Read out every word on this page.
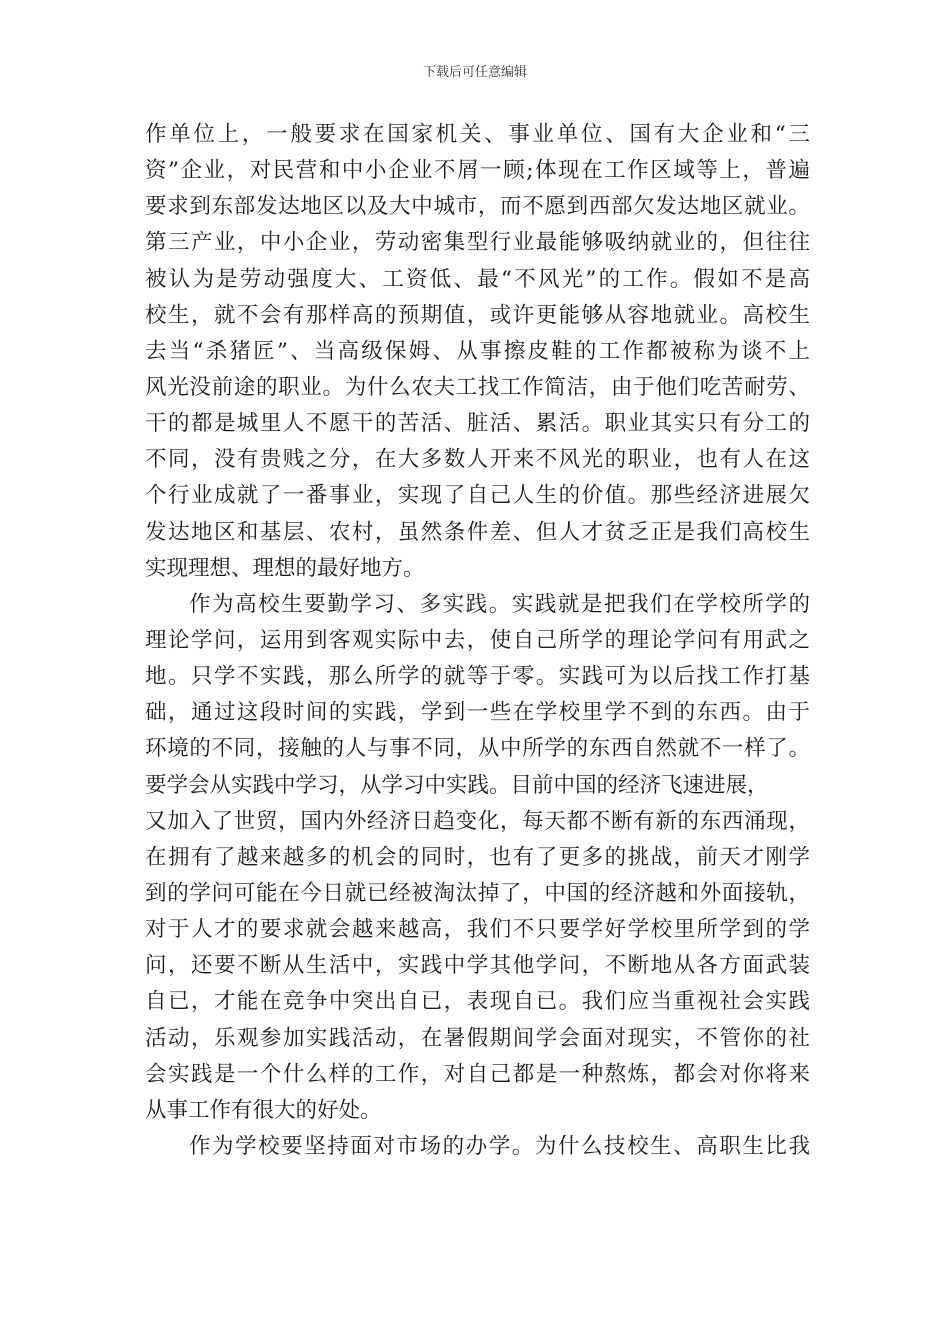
下载后可任意编辑
作单位上，一般要求在国家机关、事业单位、国有大企业和“三
资”企业，对民营和中小企业不屑一顾;体现在工作区域等上，普遍
要求到东部发达地区以及大中城市，而不愿到西部欠发达地区就业。
第三产业，中小企业，劳动密集型行业最能够吸纳就业的，但往往
被认为是劳动强度大、工资低、最“不风光”的工作。假如不是高
校生，就不会有那样高的预期值，或许更能够从容地就业。高校生
去当“杀猪匠”、当高级保姆、从事擦皮鞋的工作都被称为谈不上
风光没前途的职业。为什么农夫工找工作简洁，由于他们吃苦耐劳、
干的都是城里人不愿干的苦活、脏活、累活。职业其实只有分工的
不同，没有贵贱之分，在大多数人开来不风光的职业，也有人在这
个行业成就了一番事业，实现了自己人生的价值。那些经济进展欠
发达地区和基层、农村，虽然条件差、但人才贫乏正是我们高校生
实现理想、理想的最好地方。
作为高校生要勤学习、多实践。实践就是把我们在学校所学的
理论学问，运用到客观实际中去，使自己所学的理论学问有用武之
地。只学不实践，那么所学的就等于零。实践可为以后找工作打基
础，通过这段时间的实践，学到一些在学校里学不到的东西。由于
环境的不同，接触的人与事不同，从中所学的东西自然就不一样了。
要学会从实践中学习，从学习中实践。目前中国的经济飞速进展，
又加入了世贸，国内外经济日趋变化，每天都不断有新的东西涌现，
在拥有了越来越多的机会的同时，也有了更多的挑战，前天才刚学
到的学问可能在今日就已经被淘汰掉了，中国的经济越和外面接轨，
对于人才的要求就会越来越高，我们不只要学好学校里所学到的学
问，还要不断从生活中，实践中学其他学问，不断地从各方面武装
自已，才能在竞争中突出自已，表现自已。我们应当重视社会实践
活动，乐观参加实践活动，在暑假期间学会面对现实，不管你的社
会实践是一个什么样的工作，对自己都是一种熬炼，都会对你将来
从事工作有很大的好处。
作为学校要坚持面对市场的办学。为什么技校生、高职生比我
